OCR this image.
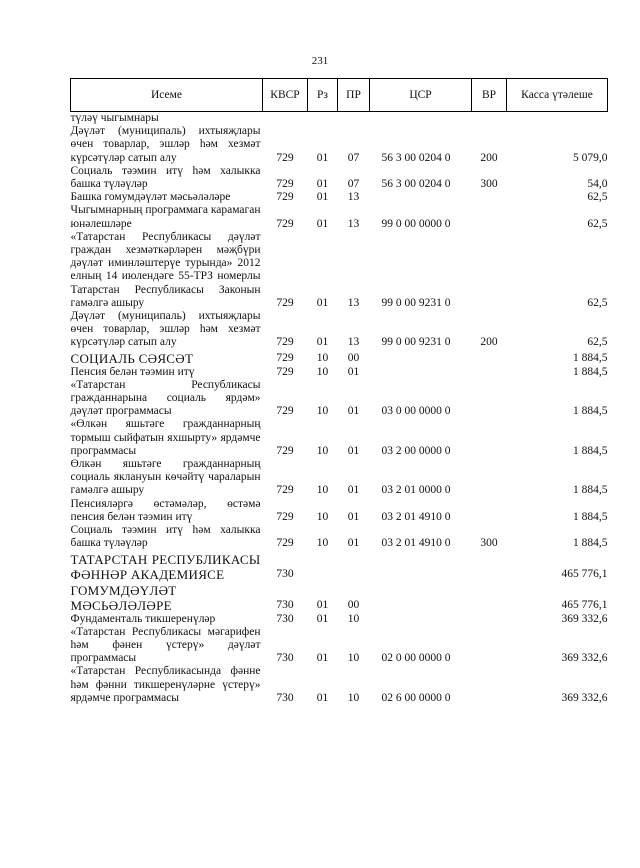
231
Исеме	КВСР	Рз	ПР	ЦСР	ВР	Касса үтәлеше
түләү чыгымнары						
Дәүләт (муниципаль) ихтыяҗлары өчен товарлар, эшләр һәм хезмәт күрсәтүләр сатып алу	729	01	07	56 3 00 0204 0	200	5 079,0
Социаль тәэмин итү һәм халыкка башка түләүләр	729	01	07	56 3 00 0204 0	300	54,0
Башка гомумдәүләт мәсьәләләре	729	01	13			62,5
Чыгымнарның программага карамаган юнәлешләре	729	01	13	99 0 00 0000 0		62,5
«Татарстан Республикасы дәүләт граждан хезмәткәрләрен мәҗбүри дәүләт иминләштерүе турында» 2012 елның 14 июлендәге 55-ТРЗ номерлы Татарстан Республикасы Законын гамәлгә ашыру	729	01	13	99 0 00 9231 0		62,5
Дәүләт (муниципаль) ихтыяҗлары өчен товарлар, эшләр һәм хезмәт күрсәтүләр сатып алу	729	01	13	99 0 00 9231 0	200	62,5
СОЦИАЛЬ СӘЯСӘТ	729	10	00			1 884,5
Пенсия белән тәэмин итү	729	10	01			1 884,5
«Татарстан Республикасы гражданнарына социаль ярдәм» дәүләт программасы	729	10	01	03 0 00 0000 0		1 884,5
«Өлкән яшьтәге гражданнарның тормыш сыйфатын яхшырту» ярдәмче программасы	729	10	01	03 2 00 0000 0		1 884,5
Өлкән яшьтәге гражданнарның социаль яклануын көчәйтү чараларын гамәлгә ашыру	729	10	01	03 2 01 0000 0		1 884,5
Пенсияләргә өстәмәләр, өстәмә пенсия белән тәэмин итү	729	10	01	03 2 01 4910 0		1 884,5
Социаль тәэмин итү һәм халыкка башка түләүләр	729	10	01	03 2 01 4910 0	300	1 884,5
ТАТАРСТАН РЕСПУБЛИКАСЫ ФӘННӘР АКАДЕМИЯСЕ	730					465 776,1
ГОМУМДӘҮЛӘТ МӘСЬӘЛӘЛӘРЕ	730	01	00			465 776,1
Фундаменталь тикшеренүләр	730	01	10			369 332,6
«Татарстан Республикасы мәгарифен һәм фәнен үстерү» дәүләт программасы	730	01	10	02 0 00 0000 0		369 332,6
«Татарстан Республикасында фәнне һәм фәнни тикшеренүләрне үстерү» ярдәмче программасы	730	01	10	02 6 00 0000 0		369 332,6
